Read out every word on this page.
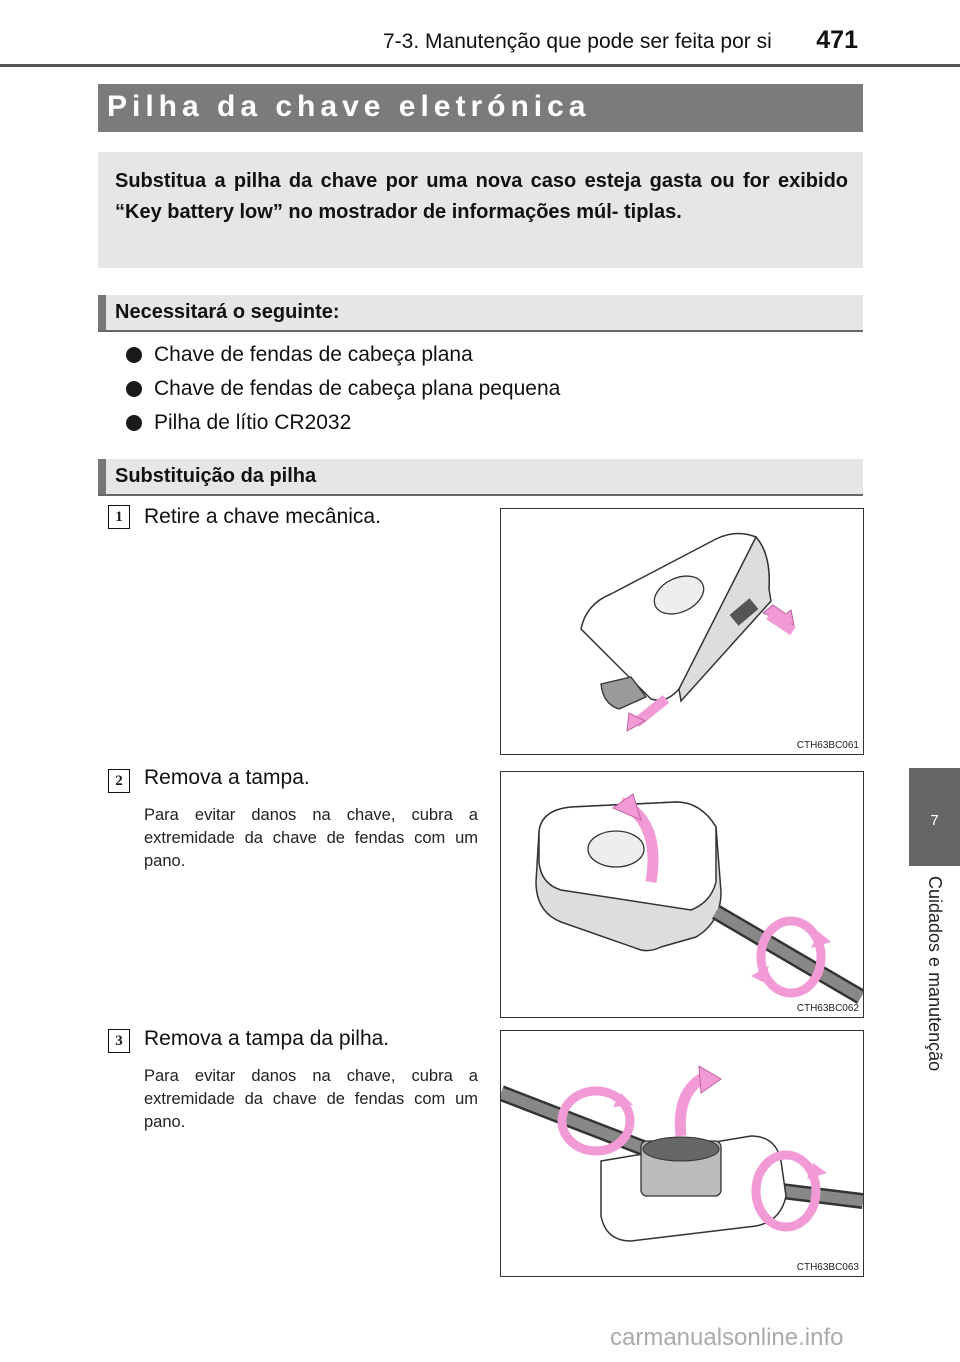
7-3. Manutenção que pode ser feita por si 471
7
Cuidados e manutenção
Pilha da chave eletrónica

Substitua a pilha da chave por uma nova caso esteja gasta ou for exibido “Key battery low” no mostrador de informações múl- tiplas.

Necessitará o seguinte:
Chave de fendas de cabeça plana
Chave de fendas de cabeça plana pequena
Pilha de lítio CR2032
Substituição da pilha
1	Retire a chave mecânica.
CTH63BC061
2	Remova a tampa.
Para evitar danos na chave, cubra a extremidade da chave de fendas com um pano.
CTH63BC062
3	Remova a tampa da pilha.
Para evitar danos na chave, cubra a extremidade da chave de fendas com um pano.
CTH63BC063
carmanualsonline.info
